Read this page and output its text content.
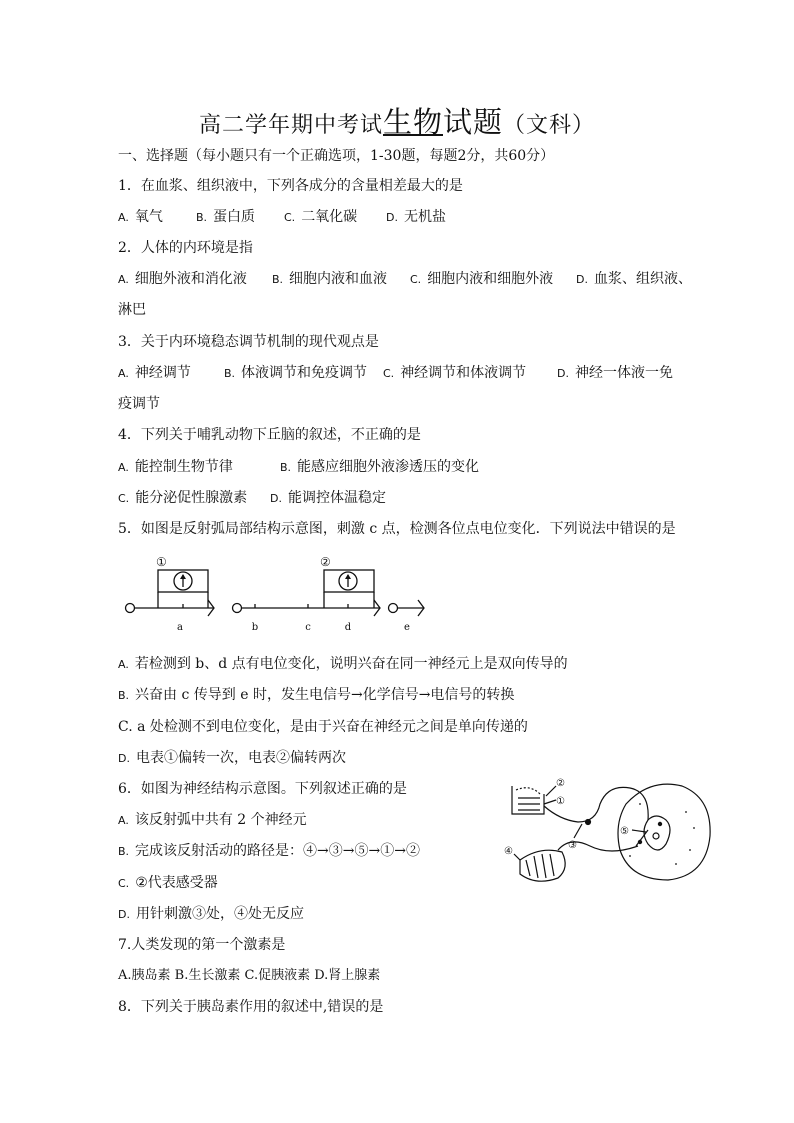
高二学年期中考试生物试题（文科）
一、选择题（每小题只有一个正确选项，1-30题，每题2分，共60分）
1．在血浆、组织液中，下列各成分的含量相差最大的是
A. 氧气	B. 蛋白质	C. 二氧化碳	D. 无机盐
2．人体的内环境是指
A. 细胞外液和消化液 B. 细胞内液和血液 C. 细胞内液和细胞外液 D. 血浆、组织液、
淋巴
3．关于内环境稳态调节机制的现代观点是
A. 神经调节	B. 体液调节和免疫调节 C. 神经调节和体液调节	D. 神经一体液一免
疫调节
4．下列关于哺乳动物下丘脑的叙述，不正确的是
A. 能控制生物节律	B. 能感应细胞外液渗透压的变化
C. 能分泌促性腺激素 D. 能调控体温稳定
5．如图是反射弧局部结构示意图，刺激 c 点，检测各位点电位变化．下列说法中错误的是
①	②
a	b	c	d	e
A. 若检测到 b、d 点有电位变化，说明兴奋在同一神经元上是双向传导的
B. 兴奋由 c 传导到 e 时，发生电信号→化学信号→电信号的转换
C. a 处检测不到电位变化，是由于兴奋在神经元之间是单向传递的
D. 电表①偏转一次，电表②偏转两次
6．如图为神经结构示意图。下列叙述正确的是
A. 该反射弧中共有 2 个神经元
B. 完成该反射活动的路径是：④→③→⑤→①→②
C. ②代表感受器
D. 用针刺激③处，④处无反应
①
②
③
④
⑤
7.人类发现的第一个激素是
A.胰岛素 B.生长激素 C.促胰液素 D.肾上腺素
8．下列关于胰岛素作用的叙述中,错误的是
